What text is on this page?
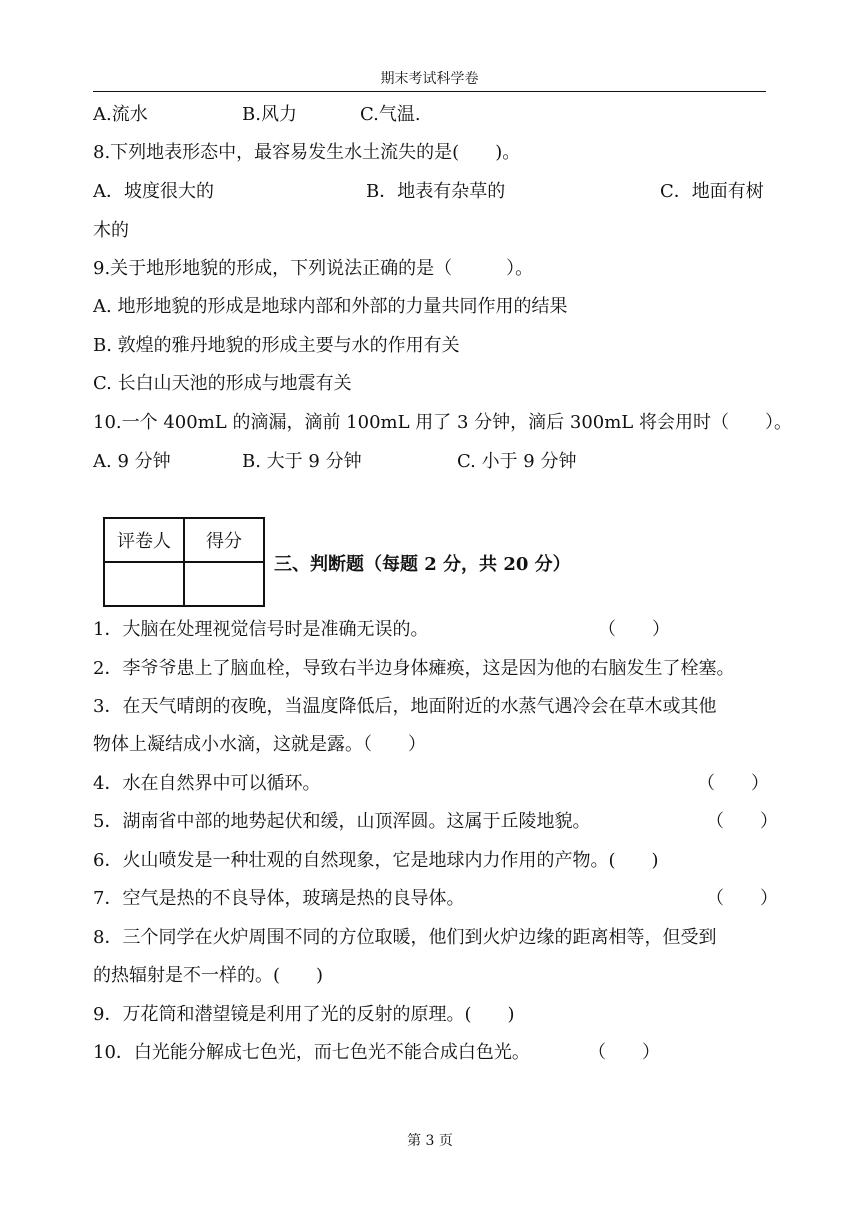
期末考试科学卷
A.流水	B.风力	C.气温.
8.下列地表形态中，最容易发生水土流失的是(　　)。
A．坡度很大的	B．地表有杂草的	C．地面有树
木的
9.关于地形地貌的形成，下列说法正确的是（　　　）。
A. 地形地貌的形成是地球内部和外部的力量共同作用的结果
B. 敦煌的雅丹地貌的形成主要与水的作用有关
C. 长白山天池的形成与地震有关
10.一个 400mL 的滴漏，滴前 100mL 用了 3 分钟，滴后 300mL 将会用时（　　）。
A. 9 分钟	B. 大于 9 分钟	C. 小于 9 分钟
评卷人	得分

三、判断题（每题 2 分，共 20 分）
1．大脑在处理视觉信号时是准确无误的。	（　　）
2．李爷爷患上了脑血栓，导致右半边身体瘫痪，这是因为他的右脑发生了栓塞。
3．在天气晴朗的夜晚，当温度降低后，地面附近的水蒸气遇冷会在草木或其他
物体上凝结成小水滴，这就是露。（　　）
4．水在自然界中可以循环。	（　　）
5．湖南省中部的地势起伏和缓，山顶浑圆。这属于丘陵地貌。	（　　）
6．火山喷发是一种壮观的自然现象，它是地球内力作用的产物。(　　)
7．空气是热的不良导体，玻璃是热的良导体。	（　　）
8．三个同学在火炉周围不同的方位取暖，他们到火炉边缘的距离相等，但受到
的热辐射是不一样的。(　　)
9．万花筒和潜望镜是利用了光的反射的原理。(　　)
10．白光能分解成七色光，而七色光不能合成白色光。	（　　）
第 3 页
